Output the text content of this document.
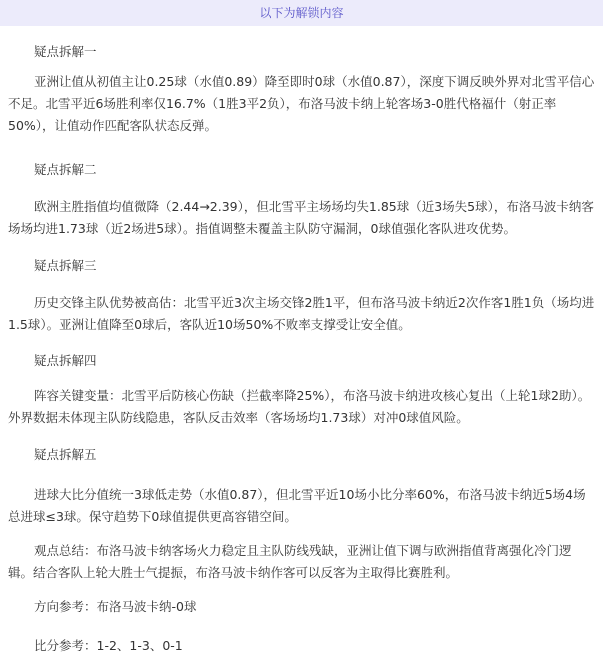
以下为解锁内容

疑点拆解一

亚洲让值从初值主让0.25球（水值0.89）降至即时0球（水值0.87），深度下调反映外界对北雪平信心不足。北雪平近6场胜利率仅16.7%（1胜3平2负），布洛马波卡纳上轮客场3-0胜代格福什（射正率50%），让值动作匹配客队状态反弹。

疑点拆解二

欧洲主胜指值均值微降（2.44→2.39），但北雪平主场场均失1.85球（近3场失5球），布洛马波卡纳客场场均进1.73球（近2场进5球）。指值调整未覆盖主队防守漏洞，0球值强化客队进攻优势。

疑点拆解三

历史交锋主队优势被高估：北雪平近3次主场交锋2胜1平，但布洛马波卡纳近2次作客1胜1负（场均进1.5球）。亚洲让值降至0球后，客队近10场50%不败率支撑受让安全值。

疑点拆解四

阵容关键变量：北雪平后防核心伤缺（拦截率降25%），布洛马波卡纳进攻核心复出（上轮1球2助）。外界数据未体现主队防线隐患，客队反击效率（客场场均1.73球）对冲0球值风险。

疑点拆解五

进球大比分值统一3球低走势（水值0.87），但北雪平近10场小比分率60%，布洛马波卡纳近5场4场总进球≤3球。保守趋势下0球值提供更高容错空间。

观点总结：布洛马波卡纳客场火力稳定且主队防线残缺，亚洲让值下调与欧洲指值背离强化冷门逻辑。结合客队上轮大胜士气提振，布洛马波卡纳作客可以反客为主取得比赛胜利。

方向参考：布洛马波卡纳-0球

比分参考：1-2、1-3、0-1
